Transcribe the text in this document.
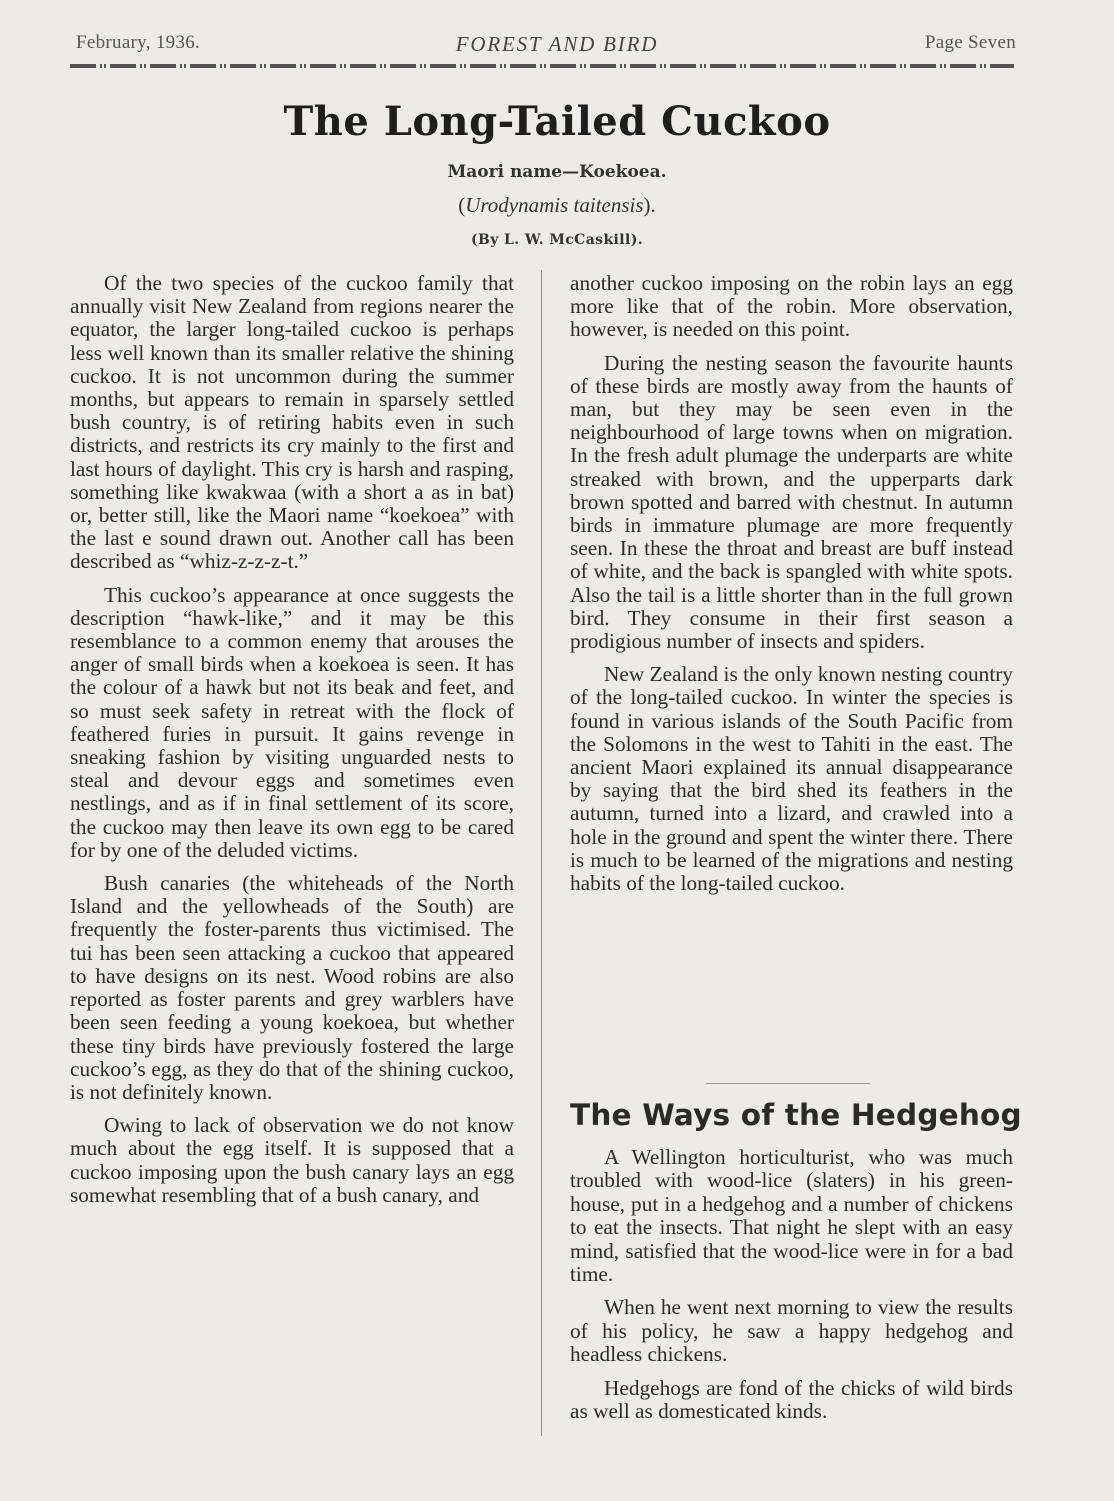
February, 1936.	FOREST AND BIRD	Page Seven
The Long-Tailed Cuckoo
Maori name—Koekoea.
(Urodynamis taitensis).
(By L. W. McCaskill).

Of the two species of the cuckoo family that annually visit New Zealand from regions nearer the equator, the larger long-tailed cuckoo is perhaps less well known than its smaller relative the shining cuckoo. It is not uncommon during the summer months, but appears to remain in sparsely settled bush country, is of retiring habits even in such districts, and restricts its cry mainly to the first and last hours of daylight. This cry is harsh and rasping, something like kwakwaa (with a short a as in bat) or, better still, like the Maori name “koekoea” with the last e sound drawn out. Another call has been described as “whiz-z-z-z-t.”

This cuckoo’s appearance at once suggests the description “hawk-like,” and it may be this resemblance to a common enemy that arouses the anger of small birds when a koekoea is seen. It has the colour of a hawk but not its beak and feet, and so must seek safety in retreat with the flock of feathered furies in pursuit. It gains revenge in sneaking fashion by visiting unguarded nests to steal and devour eggs and sometimes even nestlings, and as if in final settlement of its score, the cuckoo may then leave its own egg to be cared for by one of the deluded victims.

Bush canaries (the whiteheads of the North Island and the yellowheads of the South) are frequently the foster-parents thus victimised. The tui has been seen attacking a cuckoo that appeared to have designs on its nest. Wood robins are also reported as foster parents and grey warblers have been seen feeding a young koekoea, but whether these tiny birds have previously fostered the large cuckoo’s egg, as they do that of the shining cuckoo, is not definitely known.

Owing to lack of observation we do not know much about the egg itself. It is supposed that a cuckoo imposing upon the bush canary lays an egg somewhat resembling that of a bush canary, and

another cuckoo imposing on the robin lays an egg more like that of the robin. More observation, however, is needed on this point.

During the nesting season the favourite haunts of these birds are mostly away from the haunts of man, but they may be seen even in the neighbourhood of large towns when on migration. In the fresh adult plumage the underparts are white streaked with brown, and the upperparts dark brown spotted and barred with chestnut. In autumn birds in immature plumage are more frequently seen. In these the throat and breast are buff instead of white, and the back is spangled with white spots. Also the tail is a little shorter than in the full grown bird. They consume in their first season a prodigious number of insects and spiders.

New Zealand is the only known nesting country of the long-tailed cuckoo. In winter the species is found in various islands of the South Pacific from the Solomons in the west to Tahiti in the east. The ancient Maori explained its annual disappearance by saying that the bird shed its feathers in the autumn, turned into a lizard, and crawled into a hole in the ground and spent the winter there. There is much to be learned of the migrations and nesting habits of the long-tailed cuckoo.

The Ways of the Hedgehog

A Wellington horticulturist, who was much troubled with wood-lice (slaters) in his green-house, put in a hedgehog and a number of chickens to eat the insects. That night he slept with an easy mind, satisfied that the wood-lice were in for a bad time.

When he went next morning to view the results of his policy, he saw a happy hedgehog and headless chickens.

Hedgehogs are fond of the chicks of wild birds as well as domesticated kinds.
